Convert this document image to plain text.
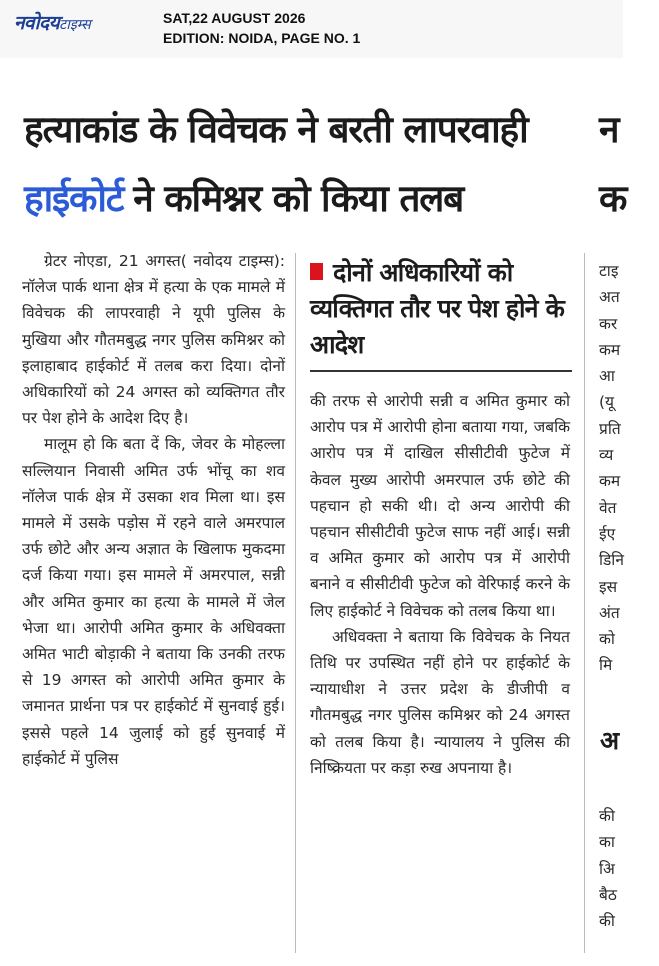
नवोदयटाइम्स	SAT,22 AUGUST 2026
EDITION: NOIDA, PAGE NO. 1
हत्याकांड के विवेचक ने बरती लापरवाही
हाईकोर्ट ने कमिश्नर को किया तलब
न
क

ग्रेटर नोएडा, 21 अगस्त( नवोदय टाइम्स): नॉलेज पार्क थाना क्षेत्र में हत्या के एक मामले में विवेचक की लापरवाही ने यूपी पुलिस के मुखिया और गौतमबुद्ध नगर पुलिस कमिश्नर को इलाहाबाद हाईकोर्ट में तलब करा दिया। दोनों अधिकारियों को 24 अगस्त को व्यक्तिगत तौर पर पेश होने के आदेश दिए है।

मालूम हो कि बता दें कि, जेवर के मोहल्ला सल्लियान निवासी अमित उर्फ भोंचू का शव नॉलेज पार्क क्षेत्र में उसका शव मिला था। इस मामले में उसके पड़ोस में रहने वाले अमरपाल उर्फ छोटे और अन्य अज्ञात के खिलाफ मुकदमा दर्ज किया गया। इस मामले में अमरपाल, सन्नी और अमित कुमार का हत्या के मामले में जेल भेजा था। आरोपी अमित कुमार के अधिवक्ता अमित भाटी बोड़ाकी ने बताया कि उनकी तरफ से 19 अगस्त को आरोपी अमित कुमार के जमानत प्रार्थना पत्र पर हाईकोर्ट में सुनवाई हुई। इससे पहले 14 जुलाई को हुई सुनवाई में हाईकोर्ट में पुलिस

दोनों अधिकारियों को व्यक्तिगत तौर पर पेश होने के आदेश

की तरफ से आरोपी सन्नी व अमित कुमार को आरोप पत्र में आरोपी होना बताया गया, जबकि आरोप पत्र में दाखिल सीसीटीवी फुटेज में केवल मुख्य आरोपी अमरपाल उर्फ छोटे की पहचान हो सकी थी। दो अन्य आरोपी की पहचान सीसीटीवी फुटेज साफ नहीं आई। सन्नी व अमित कुमार को आरोप पत्र में आरोपी बनाने व सीसीटीवी फुटेज को वेरिफाई करने के लिए हाईकोर्ट ने विवेचक को तलब किया था।

अधिवक्ता ने बताया कि विवेचक के नियत तिथि पर उपस्थित नहीं होने पर हाईकोर्ट के न्यायाधीश ने उत्तर प्रदेश के डीजीपी व गौतमबुद्ध नगर पुलिस कमिश्नर को 24 अगस्त को तलब किया है। न्यायालय ने पुलिस की निष्क्रियता पर कड़ा रुख अपनाया है।

टाइ

अत

कर

कम

आ

(यू

प्रति

व्य

कम

वेत

ईए

डिनि

इस

अंत

को

मि

अ

की

का

अि

बैठ

की
